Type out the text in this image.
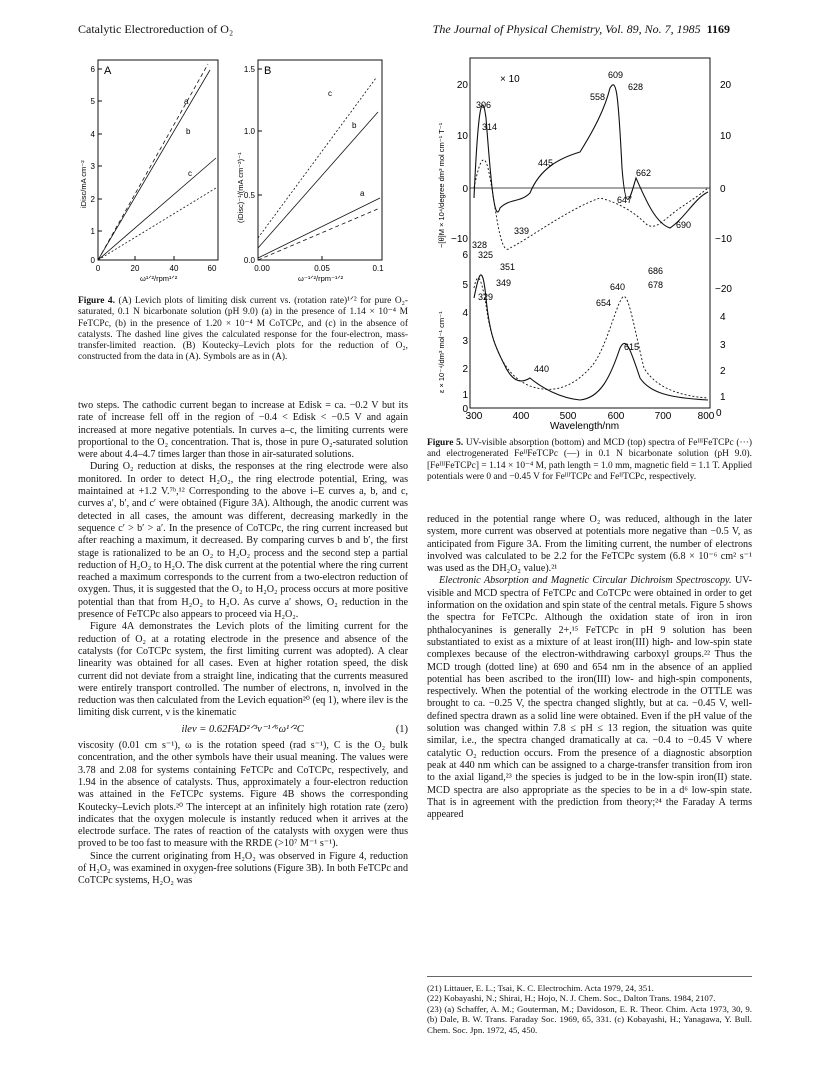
Catalytic Electroreduction of O₂	The Journal of Physical Chemistry, Vol. 89, No. 7, 1985 1169
A
6
5
4
3
2
1
0
0	20	40	60
a
b
c
iDisc/mA cm⁻²
ω¹ᐟ²/rpm¹ᐟ²
B
1.5
1.0
0.5
0.0
0.00	0.05	0.1
c
b
a
(iDisc)⁻¹/(mA cm⁻²)⁻¹
ω⁻¹ᐟ²/rpm⁻¹ᐟ²
Figure 4. (A) Levich plots of limiting disk current vs. (rotation rate)¹ᐟ² for pure O₂-saturated, 0.1 N bicarbonate solution (pH 9.0) (a) in the presence of 1.14 × 10⁻⁴ M FeTCPc, (b) in the presence of 1.20 × 10⁻⁴ M CoTCPc, and (c) in the absence of catalysts. The dashed line gives the calculated response for the four-electron, mass-transfer-limited reaction. (B) Koutecky–Levich plots for the reduction of O₂, constructed from the data in (A). Symbols are as in (A).

two steps. The cathodic current began to increase at Edisk = ca. −0.2 V but its rate of increase fell off in the region of −0.4 < Edisk < −0.5 V and again increased at more negative potentials. In curves a–c, the limiting currents were proportional to the O₂ concentration. That is, those in pure O₂-saturated solution were about 4.4–4.7 times larger than those in air-saturated solutions.

During O₂ reduction at disks, the responses at the ring electrode were also monitored. In order to detect H₂O₂, the ring electrode potential, Ering, was maintained at +1.2 V.⁷ᵇ,¹² Corresponding to the above i–E curves a, b, and c, curves a′, b′, and c′ were obtained (Figure 3A). Although, the anodic current was detected in all cases, the amount was different, decreasing markedly in the sequence c′ > b′ > a′. In the presence of CoTCPc, the ring current increased but after reaching a maximum, it decreased. By comparing curves b and b′, the first stage is rationalized to be an O₂ to H₂O₂ process and the second step a partial reduction of H₂O₂ to H₂O. The disk current at the potential where the ring current reached a maximum corresponds to the current from a two-electron reduction of oxygen. Thus, it is suggested that the O₂ to H₂O₂ process occurs at more positive potential than that from H₂O₂ to H₂O. As curve a′ shows, O₂ reduction in the presence of FeTCPc also appears to proceed via H₂O₂.

Figure 4A demonstrates the Levich plots of the limiting current for the reduction of O₂ at a rotating electrode in the presence and absence of the catalysts (for CoTCPc system, the first limiting current was adopted). A clear linearity was obtained for all cases. Even at higher rotation speed, the disk current did not deviate from a straight line, indicating that the currents measured were entirely transport controlled. The number of electrons, n, involved in the reduction was then calculated from the Levich equation²⁰ (eq 1), where ilev is the limiting disk current, ν is the kinematic

ilev = 0.62FAD²ᐟ³ν⁻¹ᐟ⁶ω¹ᐟ²C	(1)

viscosity (0.01 cm s⁻¹), ω is the rotation speed (rad s⁻¹), C is the O₂ bulk concentration, and the other symbols have their usual meaning. The values were 3.78 and 2.08 for systems containing FeTCPc and CoTCPc, respectively, and 1.94 in the absence of catalysts. Thus, approximately a four-electron reduction was attained in the FeTCPc systems. Figure 4B shows the corresponding Koutecky–Levich plots.²⁰ The intercept at an infinitely high rotation rate (zero) indicates that the oxygen molecule is instantly reduced when it arrives at the electrode surface. The rates of reaction of the catalysts with oxygen were thus proved to be too fast to measure with the RRDE (>10⁷ M⁻¹ s⁻¹).

Since the current originating from H₂O₂ was observed in Figure 4, reduction of H₂O₂ was examined in oxygen-free solutions (Figure 3B). In both FeTCPc and CoTCPc systems, H₂O₂ was

× 10
20
10
0
−10
20
10
0
−10
−20
6
5
4
3
2
1
0
4
3
2
1
0
300	400	500	600	700	800
Wavelength/nm
−[θ]M × 10⁴/degree dm³ mol cm⁻¹ T⁻¹
ε × 10⁻⁴/dm³ mol⁻¹ cm⁻¹
306
314
445
609
628
558
662
647
690
339
328
325
351
349
329
640
654
686
678
615
440
Figure 5. UV-visible absorption (bottom) and MCD (top) spectra of FeᴵᴵᴵFeTCPc (···) and electrogenerated FeᴵᴵFeTCPc (—) in 0.1 N bicarbonate solution (pH 9.0). [FeᴵᴵᴵFeTCPc] = 1.14 × 10⁻⁴ M, path length = 1.0 mm, magnetic field = 1.1 T. Applied potentials were 0 and −0.45 V for FeᴵᴵᴵTCPc and FeᴵᴵTCPc, respectively.

reduced in the potential range where O₂ was reduced, although in the later system, more current was observed at potentials more negative than −0.5 V, as anticipated from Figure 3A. From the limiting current, the number of electrons involved was calculated to be 2.2 for the FeTCPc system (6.8 × 10⁻⁶ cm² s⁻¹ was used as the DH₂O₂ value).²¹

Electronic Absorption and Magnetic Circular Dichroism Spectroscopy. UV-visible and MCD spectra of FeTCPc and CoTCPc were obtained in order to get information on the oxidation and spin state of the central metals. Figure 5 shows the spectra for FeTCPc. Although the oxidation state of iron in iron phthalocyanines is generally 2+,¹⁵ FeTCPc in pH 9 solution has been substantiated to exist as a mixture of at least iron(III) high- and low-spin state complexes because of the electron-withdrawing carboxyl groups.²² Thus the MCD trough (dotted line) at 690 and 654 nm in the absence of an applied potential has been ascribed to the iron(III) low- and high-spin components, respectively. When the potential of the working electrode in the OTTLE was brought to ca. −0.25 V, the spectra changed slightly, but at ca. −0.45 V, well-defined spectra drawn as a solid line were obtained. Even if the pH value of the solution was changed within 7.8 ≤ pH ≤ 13 region, the situation was quite similar, i.e., the spectra changed dramatically at ca. −0.4 to −0.45 V where catalytic O₂ reduction occurs. From the presence of a diagnostic absorption peak at 440 nm which can be assigned to a charge-transfer transition from iron to the axial ligand,²³ the species is judged to be in the low-spin iron(II) state. MCD spectra are also appropriate as the species to be in a d⁶ low-spin state. That is in agreement with the prediction from theory;²⁴ the Faraday A terms appeared

(21) Littauer, E. L.; Tsai, K. C. Electrochim. Acta 1979, 24, 351.
(22) Kobayashi, N.; Shirai, H.; Hojo, N. J. Chem. Soc., Dalton Trans. 1984, 2107.
(23) (a) Schaffer, A. M.; Gouterman, M.; Davidoson, E. R. Theor. Chim. Acta 1973, 30, 9. (b) Dale, B. W. Trans. Faraday Soc. 1969, 65, 331. (c) Kobayashi, H.; Yanagawa, Y. Bull. Chem. Soc. Jpn. 1972, 45, 450.
